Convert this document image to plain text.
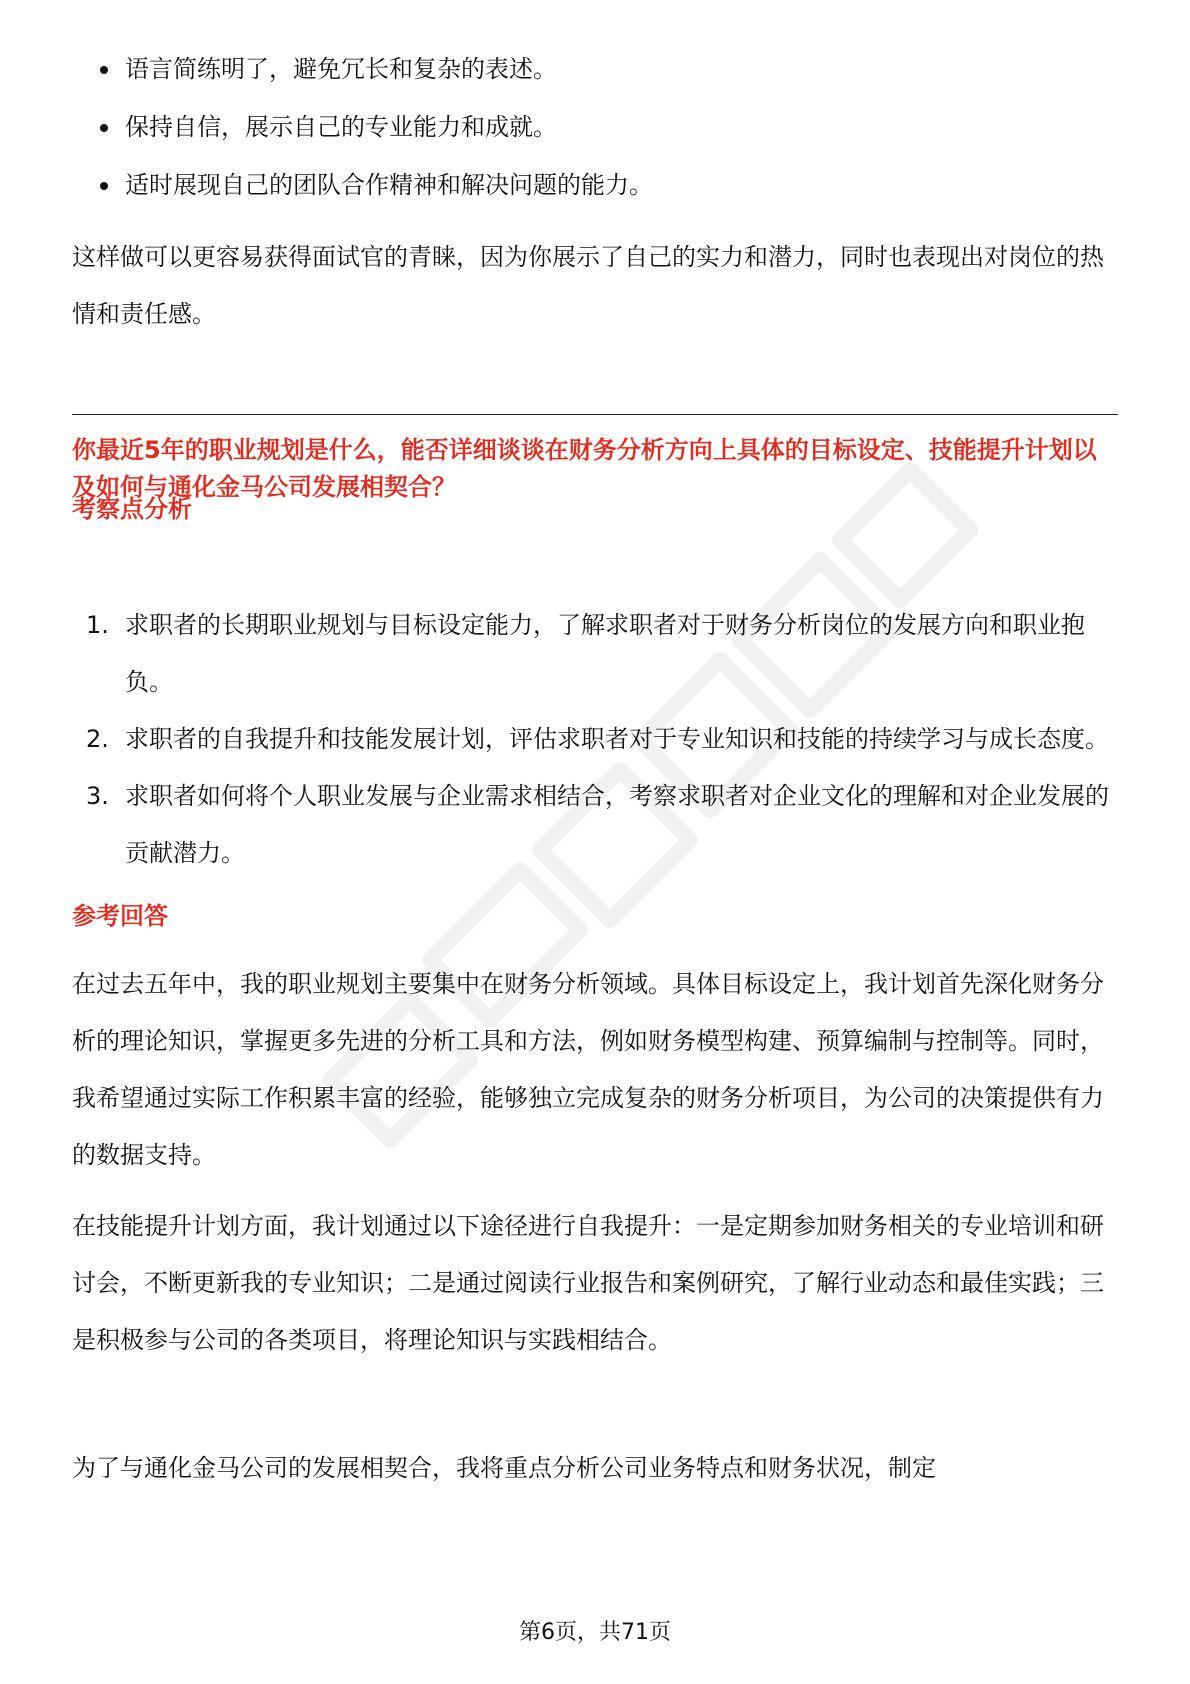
语言简练明了，避免冗长和复杂的表述。
保持自信，展示自己的专业能力和成就。
适时展现自己的团队合作精神和解决问题的能力。

这样做可以更容易获得面试官的青睐，因为你展示了自己的实力和潜力，同时也表现出对岗位的热情和责任感。

你最近5年的职业规划是什么，能否详细谈谈在财务分析方向上具体的目标设定、技能提升计划以及如何与通化金马公司发展相契合？

考察点分析

1. 求职者的长期职业规划与目标设定能力，了解求职者对于财务分析岗位的发展方向和职业抱负。
2. 求职者的自我提升和技能发展计划，评估求职者对于专业知识和技能的持续学习与成长态度。
3. 求职者如何将个人职业发展与企业需求相结合，考察求职者对企业文化的理解和对企业发展的贡献潜力。

参考回答

在过去五年中，我的职业规划主要集中在财务分析领域。具体目标设定上，我计划首先深化财务分析的理论知识，掌握更多先进的分析工具和方法，例如财务模型构建、预算编制与控制等。同时，我希望通过实际工作积累丰富的经验，能够独立完成复杂的财务分析项目，为公司的决策提供有力的数据支持。

在技能提升计划方面，我计划通过以下途径进行自我提升：一是定期参加财务相关的专业培训和研讨会，不断更新我的专业知识；二是通过阅读行业报告和案例研究，了解行业动态和最佳实践；三是积极参与公司的各类项目，将理论知识与实践相结合。

为了与通化金马公司的发展相契合，我将重点分析公司业务特点和财务状况，制定

第6页，共71页
